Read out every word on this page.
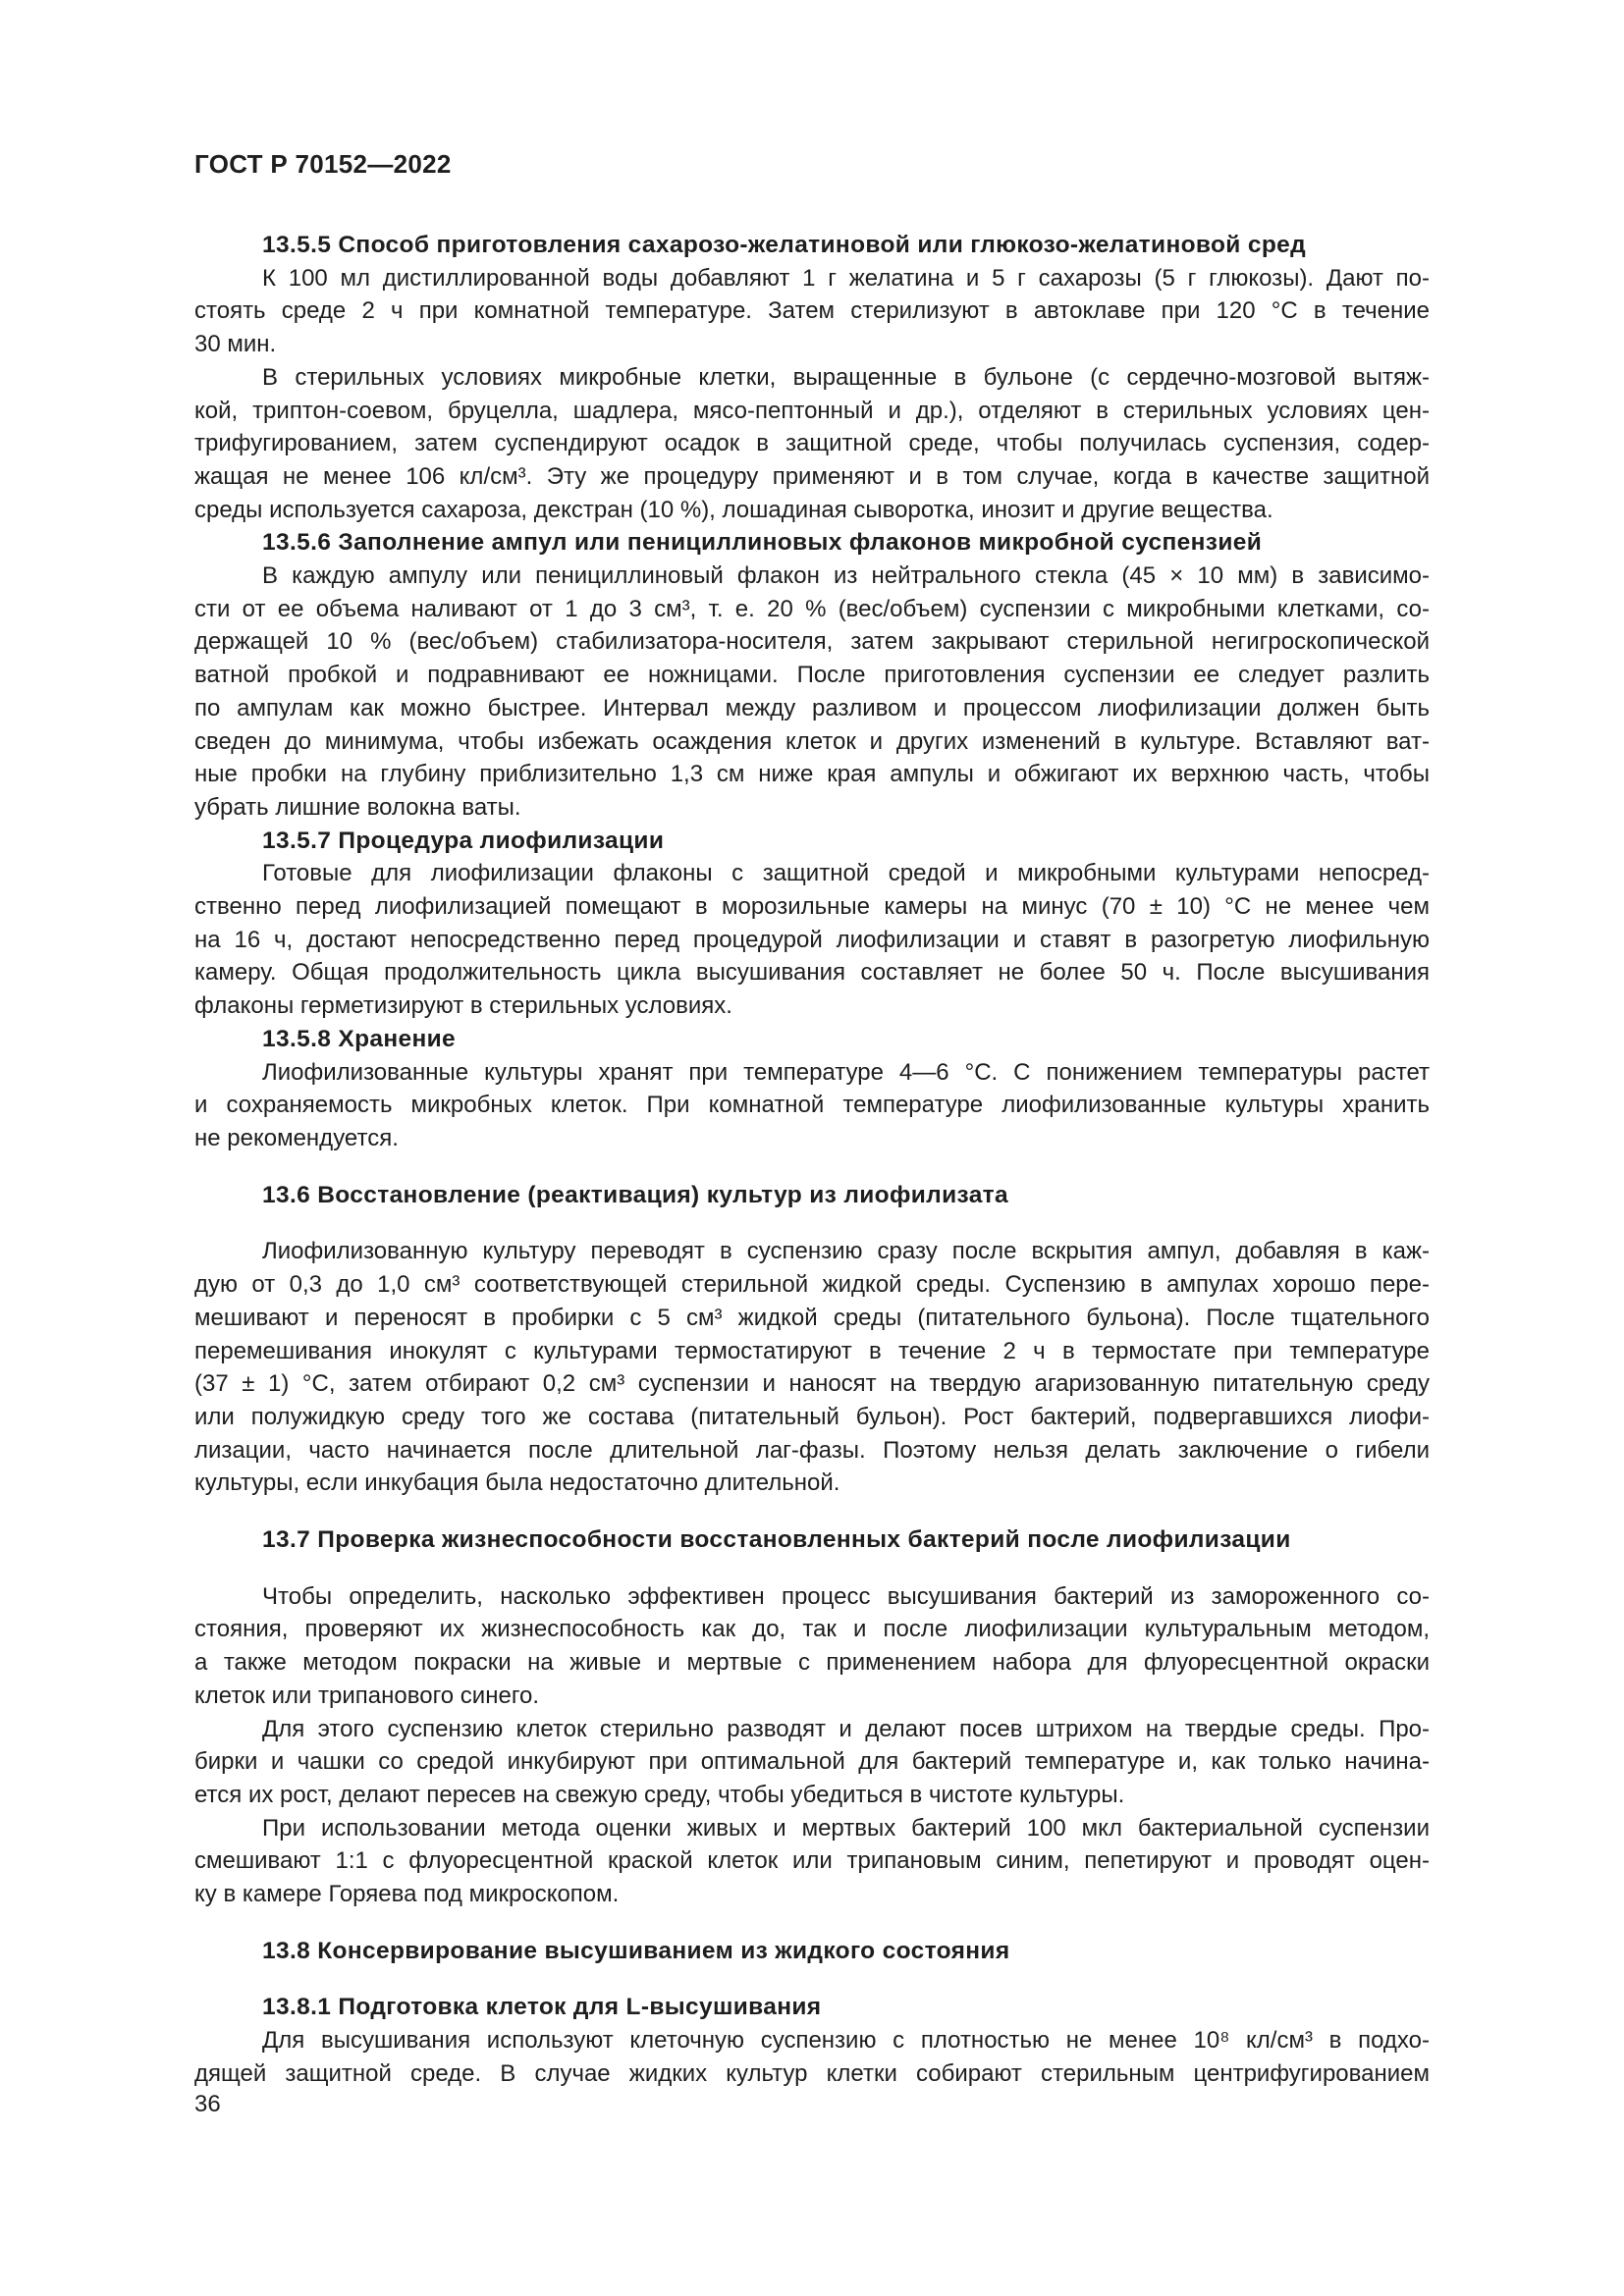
ГОСТ Р 70152—2022
13.5.5 Способ приготовления сахарозо-желатиновой или глюкозо-желатиновой сред
К 100 мл дистиллированной воды добавляют 1 г желатина и 5 г сахарозы (5 г глюкозы). Дают по-
стоять среде 2 ч при комнатной температуре. Затем стерилизуют в автоклаве при 120 °С в течение
30 мин.
В стерильных условиях микробные клетки, выращенные в бульоне (с сердечно-мозговой вытяж-
кой, триптон-соевом, бруцелла, шадлера, мясо-пептонный и др.), отделяют в стерильных условиях цен-
трифугированием, затем суспендируют осадок в защитной среде, чтобы получилась суспензия, содер-
жащая не менее 106 кл/см³. Эту же процедуру применяют и в том случае, когда в качестве защитной
среды используется сахароза, декстран (10 %), лошадиная сыворотка, инозит и другие вещества.
13.5.6 Заполнение ампул или пенициллиновых флаконов микробной суспензией
В каждую ампулу или пенициллиновый флакон из нейтрального стекла (45 × 10 мм) в зависимо-
сти от ее объема наливают от 1 до 3 см³, т. е. 20 % (вес/объем) суспензии с микробными клетками, со-
держащей 10 % (вес/объем) стабилизатора-носителя, затем закрывают стерильной негигроскопической
ватной пробкой и подравнивают ее ножницами. После приготовления суспензии ее следует разлить
по ампулам как можно быстрее. Интервал между разливом и процессом лиофилизации должен быть
сведен до минимума, чтобы избежать осаждения клеток и других изменений в культуре. Вставляют ват-
ные пробки на глубину приблизительно 1,3 см ниже края ампулы и обжигают их верхнюю часть, чтобы
убрать лишние волокна ваты.
13.5.7 Процедура лиофилизации
Готовые для лиофилизации флаконы с защитной средой и микробными культурами непосред-
ственно перед лиофилизацией помещают в морозильные камеры на минус (70 ± 10) °С не менее чем
на 16 ч, достают непосредственно перед процедурой лиофилизации и ставят в разогретую лиофильную
камеру. Общая продолжительность цикла высушивания составляет не более 50 ч. После высушивания
флаконы герметизируют в стерильных условиях.
13.5.8 Хранение
Лиофилизованные культуры хранят при температуре 4—6 °С. С понижением температуры растет
и сохраняемость микробных клеток. При комнатной температуре лиофилизованные культуры хранить
не рекомендуется.
13.6 Восстановление (реактивация) культур из лиофилизата
Лиофилизованную культуру переводят в суспензию сразу после вскрытия ампул, добавляя в каж-
дую от 0,3 до 1,0 см³ соответствующей стерильной жидкой среды. Суспензию в ампулах хорошо пере-
мешивают и переносят в пробирки с 5 см³ жидкой среды (питательного бульона). После тщательного
перемешивания инокулят с культурами термостатируют в течение 2 ч в термостате при температуре
(37 ± 1) °С, затем отбирают 0,2 см³ суспензии и наносят на твердую агаризованную питательную среду
или полужидкую среду того же состава (питательный бульон). Рост бактерий, подвергавшихся лиофи-
лизации, часто начинается после длительной лаг-фазы. Поэтому нельзя делать заключение о гибели
культуры, если инкубация была недостаточно длительной.
13.7 Проверка жизнеспособности восстановленных бактерий после лиофилизации
Чтобы определить, насколько эффективен процесс высушивания бактерий из замороженного со-
стояния, проверяют их жизнеспособность как до, так и после лиофилизации культуральным методом,
а также методом покраски на живые и мертвые с применением набора для флуоресцентной окраски
клеток или трипанового синего.
Для этого суспензию клеток стерильно разводят и делают посев штрихом на твердые среды. Про-
бирки и чашки со средой инкубируют при оптимальной для бактерий температуре и, как только начина-
ется их рост, делают пересев на свежую среду, чтобы убедиться в чистоте культуры.
При использовании метода оценки живых и мертвых бактерий 100 мкл бактериальной суспензии
смешивают 1:1 с флуоресцентной краской клеток или трипановым синим, пепетируют и проводят оцен-
ку в камере Горяева под микроскопом.
13.8 Консервирование высушиванием из жидкого состояния
13.8.1 Подготовка клеток для L-высушивания
Для высушивания используют клеточную суспензию с плотностью не менее 10⁸ кл/см³ в подхо-
дящей защитной среде. В случае жидких культур клетки собирают стерильным центрифугированием
36
